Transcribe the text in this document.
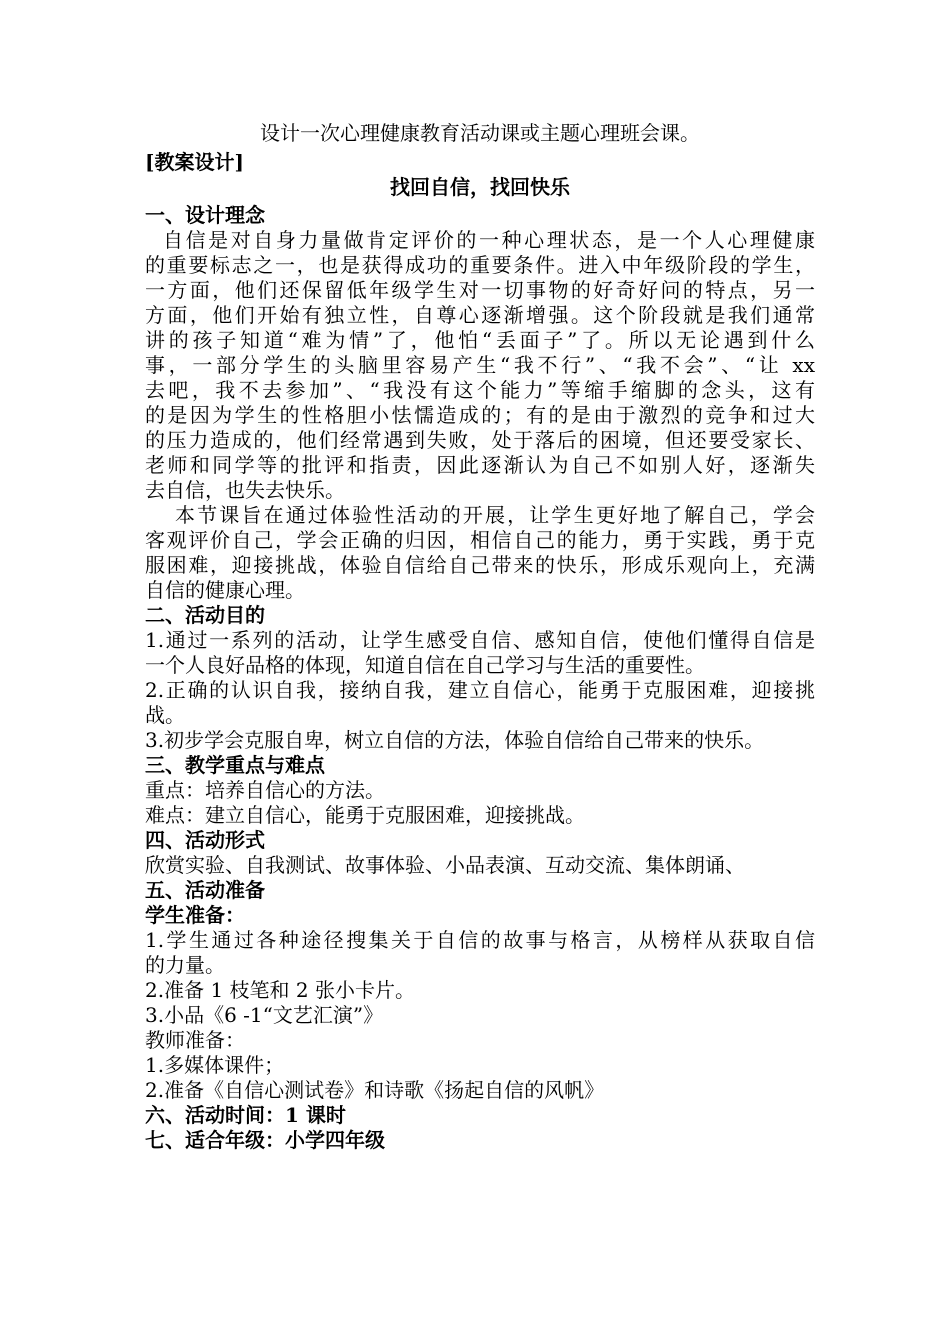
设计一次心理健康教育活动课或主题心理班会课。
[教案设计]
找回自信，找回快乐
一、设计理念
自信是对自身力量做肯定评价的一种心理状态，是一个人心理健康
的重要标志之一，也是获得成功的重要条件。进入中年级阶段的学生，
一方面，他们还保留低年级学生对一切事物的好奇好问的特点，另一
方面，他们开始有独立性，自尊心逐渐增强。这个阶段就是我们通常
讲的孩子知道“难为情”了，他怕“丢面子”了。所以无论遇到什么
事，一部分学生的头脑里容易产生“我不行”、“我不会”、“让 xx
去吧，我不去参加”、“我没有这个能力”等缩手缩脚的念头，这有
的是因为学生的性格胆小怯懦造成的；有的是由于激烈的竞争和过大
的压力造成的，他们经常遇到失败，处于落后的困境，但还要受家长、
老师和同学等的批评和指责，因此逐渐认为自己不如别人好，逐渐失
去自信，也失去快乐。
本节课旨在通过体验性活动的开展，让学生更好地了解自己，学会
客观评价自己，学会正确的归因，相信自己的能力，勇于实践，勇于克
服困难，迎接挑战，体验自信给自己带来的快乐，形成乐观向上，充满
自信的健康心理。
二、活动目的
1.通过一系列的活动，让学生感受自信、感知自信，使他们懂得自信是
一个人良好品格的体现，知道自信在自己学习与生活的重要性。
2.正确的认识自我，接纳自我，建立自信心，能勇于克服困难，迎接挑
战。
3.初步学会克服自卑，树立自信的方法，体验自信给自己带来的快乐。
三、教学重点与难点
重点：培养自信心的方法。
难点：建立自信心，能勇于克服困难，迎接挑战。
四、活动形式
欣赏实验、自我测试、故事体验、小品表演、互动交流、集体朗诵、
五、活动准备
学生准备：
1.学生通过各种途径搜集关于自信的故事与格言，从榜样从获取自信
的力量。
2.准备 1 枝笔和 2 张小卡片。
3.小品《6 -1“文艺汇演”》
教师准备：
1.多媒体课件；
2.准备《自信心测试卷》和诗歌《扬起自信的风帆》
六、活动时间：1 课时
七、适合年级：小学四年级
